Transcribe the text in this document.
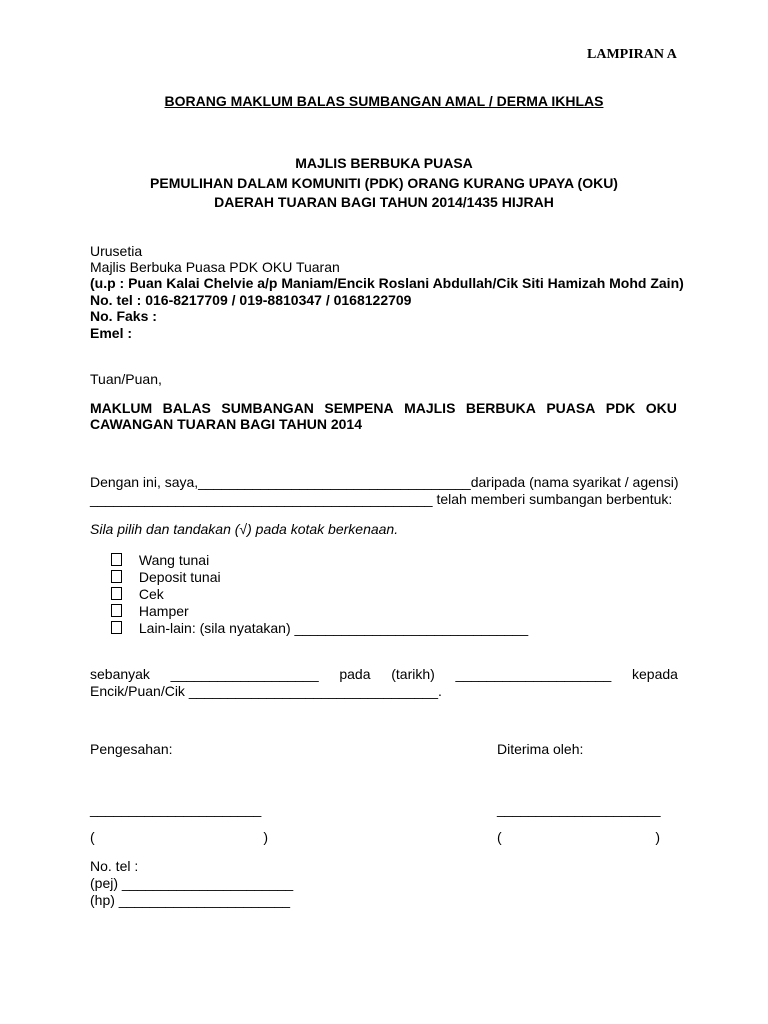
LAMPIRAN A
BORANG MAKLUM BALAS SUMBANGAN AMAL / DERMA IKHLAS
MAJLIS BERBUKA PUASA
PEMULIHAN DALAM KOMUNITI (PDK) ORANG KURANG UPAYA (OKU)
DAERAH TUARAN BAGI TAHUN 2014/1435 HIJRAH
Urusetia
Majlis Berbuka Puasa PDK OKU Tuaran
(u.p : Puan Kalai Chelvie a/p Maniam/Encik Roslani Abdullah/Cik Siti Hamizah Mohd Zain)
No. tel : 016-8217709 / 019-8810347 / 0168122709
No. Faks :
Emel :
Tuan/Puan,
MAKLUM BALAS SUMBANGAN SEMPENA MAJLIS BERBUKA PUASA PDK OKU
CAWANGAN TUARAN BAGI TAHUN 2014
Dengan ini, saya,___________________________________ daripada (nama syarikat / agensi)
____________________________________________ telah memberi sumbangan berbentuk:
Sila pilih dan tandakan (√) pada kotak berkenaan.
Wang tunai
Deposit tunai
Cek
Hamper
Lain-lain: (sila nyatakan) ______________________________
sebanyak ___________________ pada (tarikh) ____________________ kepada
Encik/Puan/Cik ________________________________.
Pengesahan:	Diterima oleh:
______________________	_____________________
(	)	(	)
No. tel :
(pej) ______________________
(hp) ______________________
